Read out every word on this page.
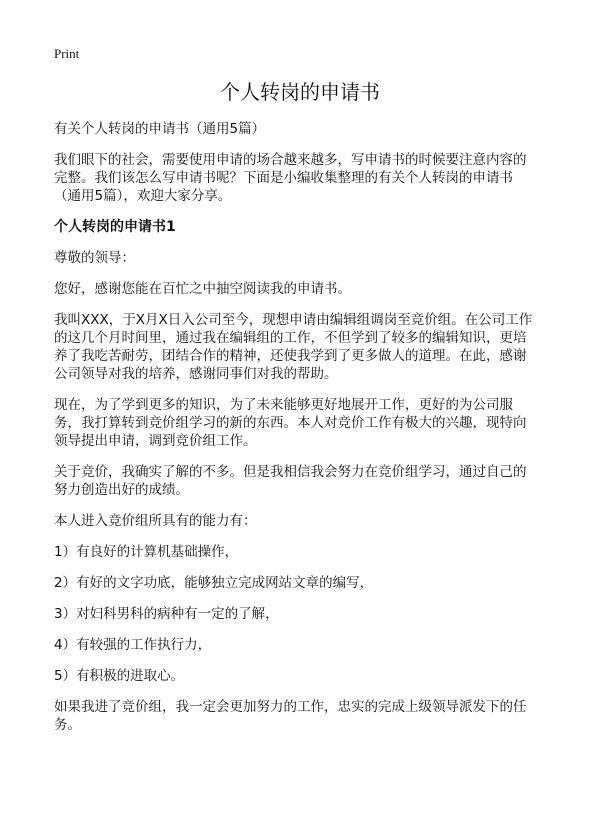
Print
个人转岗的申请书

有关个人转岗的申请书（通用5篇）

我们眼下的社会，需要使用申请的场合越来越多，写申请书的时候要注意内容的完整。我们该怎么写申请书呢？下面是小编收集整理的有关个人转岗的申请书（通用5篇），欢迎大家分享。

个人转岗的申请书1

尊敬的领导：

您好，感谢您能在百忙之中抽空阅读我的申请书。

我叫XXX，于X月X日入公司至今，现想申请由编辑组调岗至竞价组。在公司工作的这几个月时间里，通过我在编辑组的工作，不但学到了较多的编辑知识，更培养了我吃苦耐劳，团结合作的精神，还使我学到了更多做人的道理。在此，感谢公司领导对我的培养，感谢同事们对我的帮助。

现在，为了学到更多的知识，为了未来能够更好地展开工作，更好的为公司服务，我打算转到竞价组学习的新的东西。本人对竞价工作有极大的兴趣，现特向领导提出申请，调到竞价组工作。

关于竞价，我确实了解的不多。但是我相信我会努力在竞价组学习，通过自己的努力创造出好的成绩。

本人进入竞价组所具有的能力有：

1）有良好的计算机基础操作，

2）有好的文字功底，能够独立完成网站文章的编写，

3）对妇科男科的病种有一定的了解，

4）有较强的工作执行力，

5）有积极的进取心。

如果我进了竞价组，我一定会更加努力的工作，忠实的完成上级领导派发下的任务。
